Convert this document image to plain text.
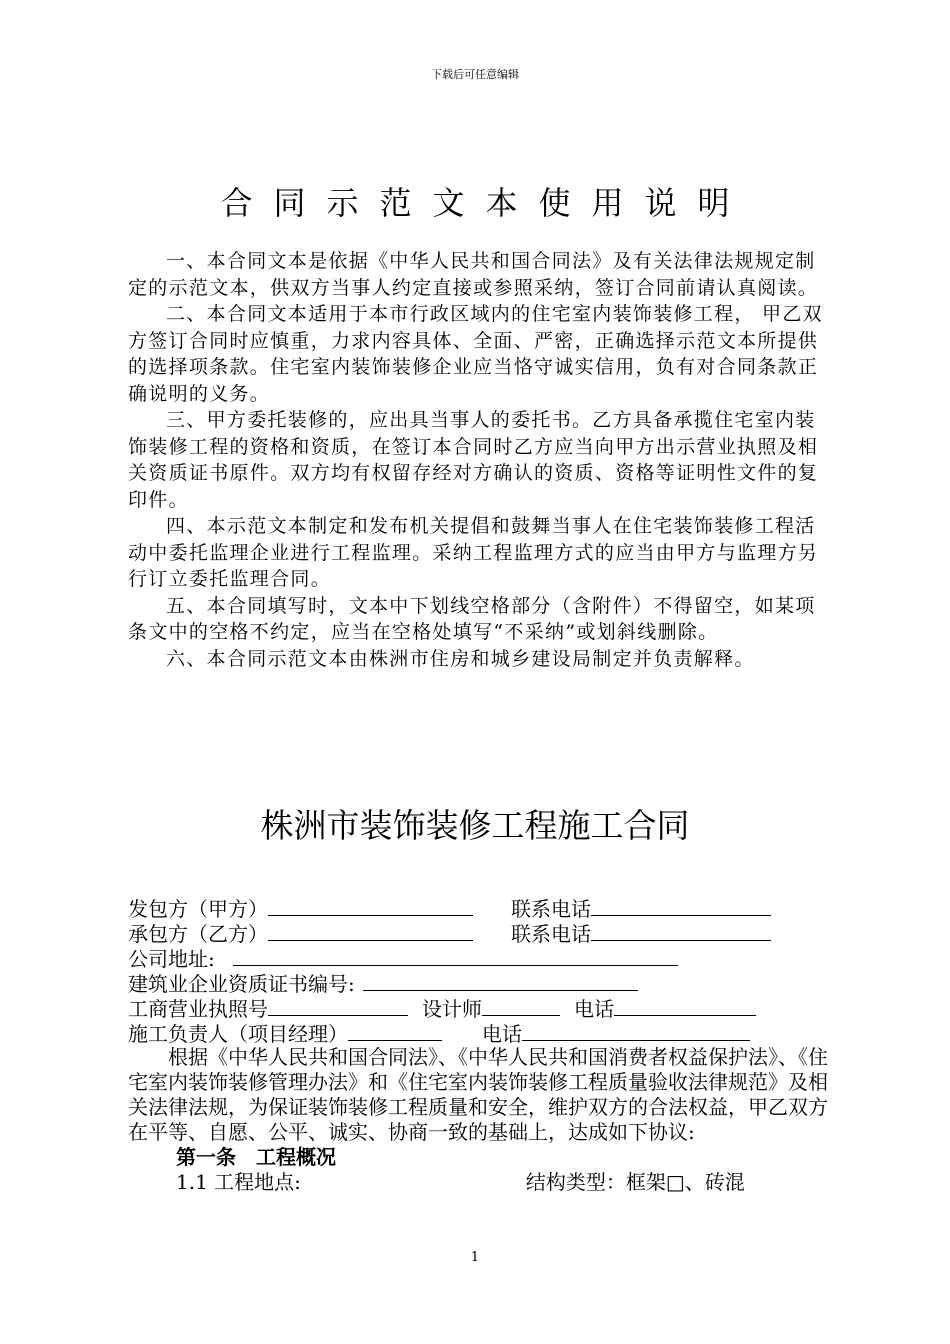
下载后可任意编辑
合同示范文本使用说明

一、本合同文本是依据《中华人民共和国合同法》及有关法律法规规定制定的示范文本，供双方当事人约定直接或参照采纳，签订合同前请认真阅读。

二、本合同文本适用于本市行政区域内的住宅室内装饰装修工程， 甲乙双方签订合同时应慎重，力求内容具体、全面、严密，正确选择示范文本所提供的选择项条款。住宅室内装饰装修企业应当恪守诚实信用，负有对合同条款正确说明的义务。

三、甲方委托装修的，应出具当事人的委托书。乙方具备承揽住宅室内装饰装修工程的资格和资质，在签订本合同时乙方应当向甲方出示营业执照及相关资质证书原件。双方均有权留存经对方确认的资质、资格等证明性文件的复印件。

四、本示范文本制定和发布机关提倡和鼓舞当事人在住宅装饰装修工程活动中委托监理企业进行工程监理。采纳工程监理方式的应当由甲方与监理方另行订立委托监理合同。

五、本合同填写时，文本中下划线空格部分（含附件）不得留空，如某项条文中的空格不约定，应当在空格处填写“不采纳”或划斜线删除。

六、本合同示范文本由株洲市住房和城乡建设局制定并负责解释。

株洲市装饰装修工程施工合同
发包方（甲方）	联系电话
承包方（乙方）	联系电话
公司地址:
建筑业企业资质证书编号:
工商营业执照号	设计师	电话
施工负责人（项目经理）	电话

根据《中华人民共和国合同法》、《中华人民共和国消费者权益保护法》、《住宅室内装饰装修管理办法》和《住宅室内装饰装修工程质量验收法律规范》及相关法律法规，为保证装饰装修工程质量和安全，维护双方的合法权益，甲乙双方在平等、自愿、公平、诚实、协商一致的基础上，达成如下协议:

第一条　工程概况
1.1 工程地点:	结构类型：框架□、砖混
1
